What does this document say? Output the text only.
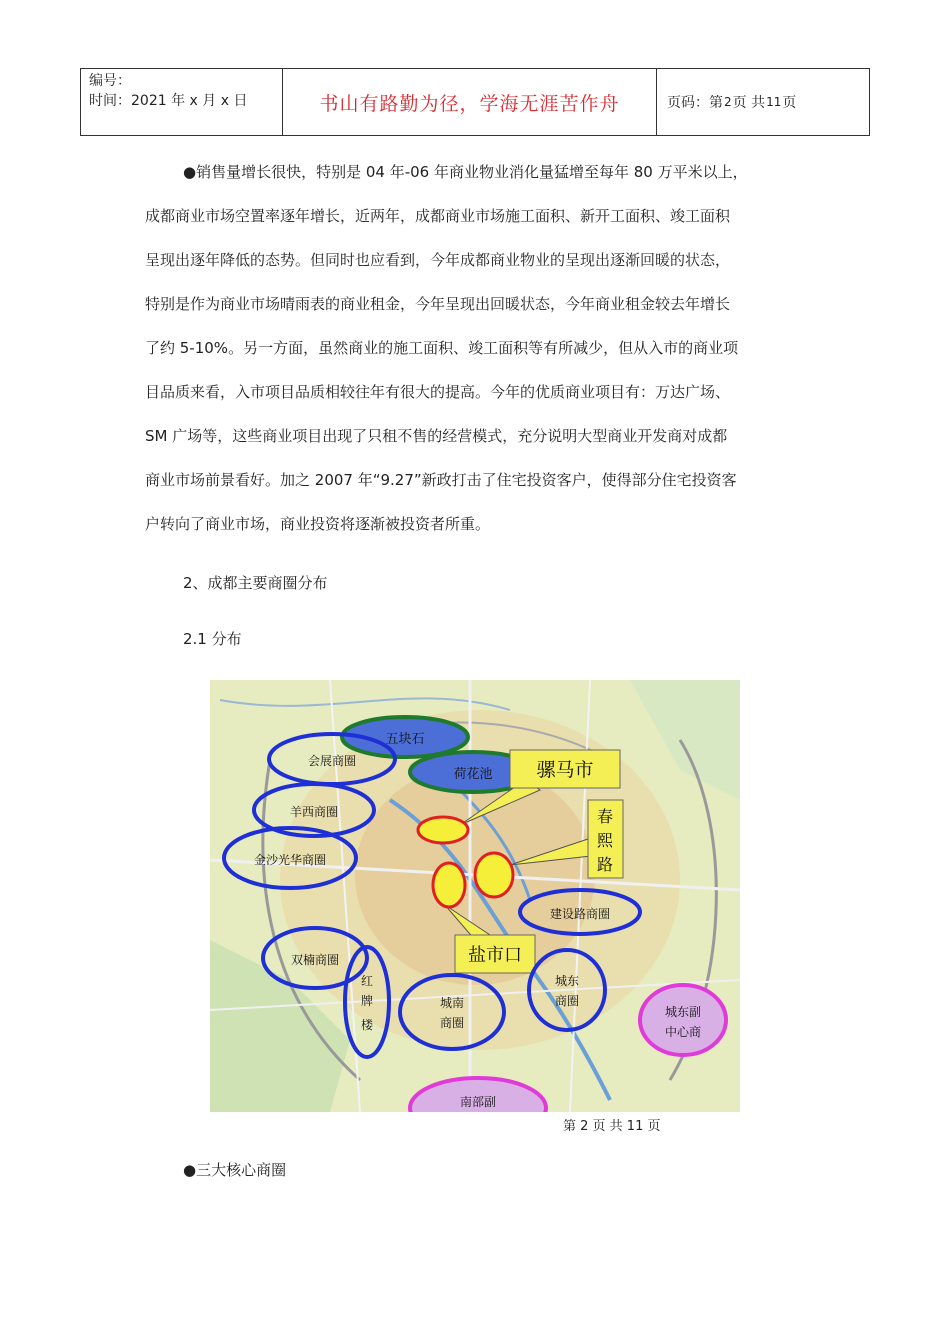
编号：
时间：2021 年 x 月 x 日	书山有路勤为径，学海无涯苦作舟	页码：第 2 页 共 11 页

●销售量增长很快，特别是 04 年-06 年商业物业消化量猛增至每年 80 万平米以上，

成都商业市场空置率逐年增长，近两年，成都商业市场施工面积、新开工面积、竣工面积

呈现出逐年降低的态势。但同时也应看到，今年成都商业物业的呈现出逐渐回暖的状态，

特别是作为商业市场晴雨表的商业租金，今年呈现出回暖状态，今年商业租金较去年增长

了约 5-10%。另一方面，虽然商业的施工面积、竣工面积等有所减少，但从入市的商业项

目品质来看，入市项目品质相较往年有很大的提高。今年的优质商业项目有：万达广场、

SM 广场等，这些商业项目出现了只租不售的经营模式，充分说明大型商业开发商对成都

商业市场前景看好。加之 2007 年“9.27”新政打击了住宅投资客户，使得部分住宅投资客

户转向了商业市场，商业投资将逐渐被投资者所重。

2、成都主要商圈分布
2.1 分布
五块石
荷花池
会展商圈
羊西商圈
金沙光华商圈
骡马市
春
熙
路
盐市口
建设路商圈
双楠商圈
红
牌
楼
城南
商圈
城东
商圈
城东副
中心商
南部副
第 2 页 共 11 页
●三大核心商圈
